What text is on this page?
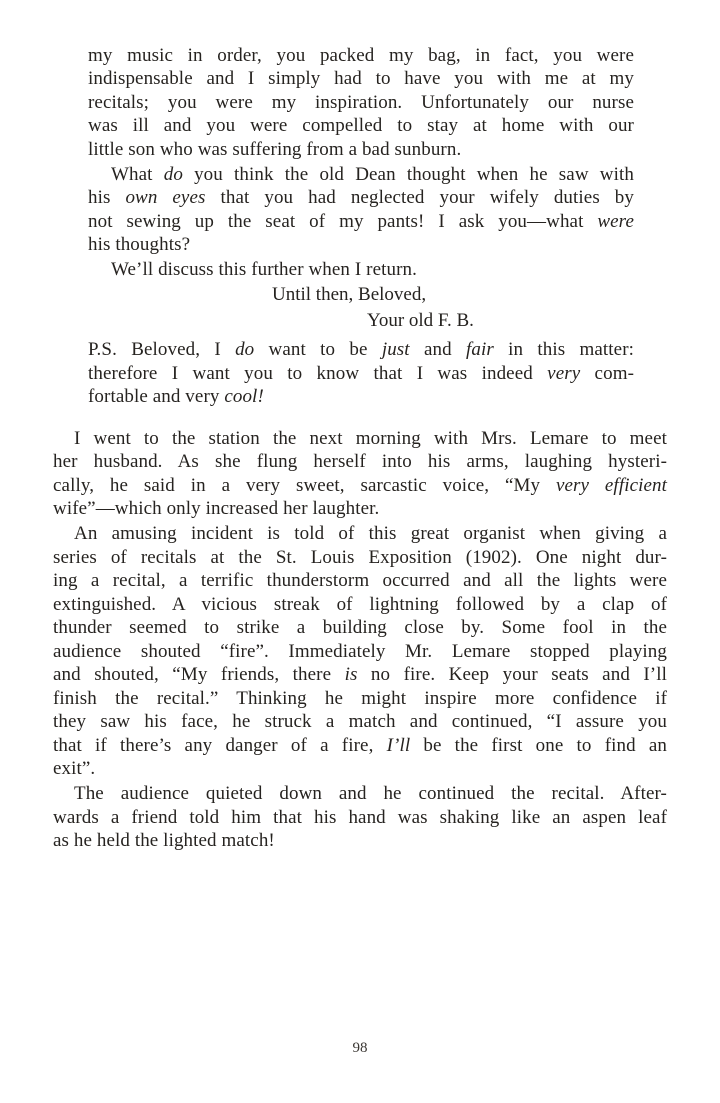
my music in order, you packed my bag, in fact, you were
indispensable and I simply had to have you with me at my
recitals; you were my inspiration. Unfortunately our nurse
was ill and you were compelled to stay at home with our
little son who was suffering from a bad sunburn.
What do you think the old Dean thought when he saw with
his own eyes that you had neglected your wifely duties by
not sewing up the seat of my pants! I ask you—what were
his thoughts?
We’ll discuss this further when I return.
Until then, Beloved,
Your old F. B.
P.S. Beloved, I do want to be just and fair in this matter:
therefore I want you to know that I was indeed very com-
fortable and very cool!
I went to the station the next morning with Mrs. Lemare to meet
her husband. As she flung herself into his arms, laughing hysteri-
cally, he said in a very sweet, sarcastic voice, “My very efficient
wife”—which only increased her laughter.
An amusing incident is told of this great organist when giving a
series of recitals at the St. Louis Exposition (1902). One night dur-
ing a recital, a terrific thunderstorm occurred and all the lights were
extinguished. A vicious streak of lightning followed by a clap of
thunder seemed to strike a building close by. Some fool in the
audience shouted “fire”. Immediately Mr. Lemare stopped playing
and shouted, “My friends, there is no fire. Keep your seats and I’ll
finish the recital.” Thinking he might inspire more confidence if
they saw his face, he struck a match and continued, “I assure you
that if there’s any danger of a fire, I’ll be the first one to find an
exit”.
The audience quieted down and he continued the recital. After-
wards a friend told him that his hand was shaking like an aspen leaf
as he held the lighted match!
98
